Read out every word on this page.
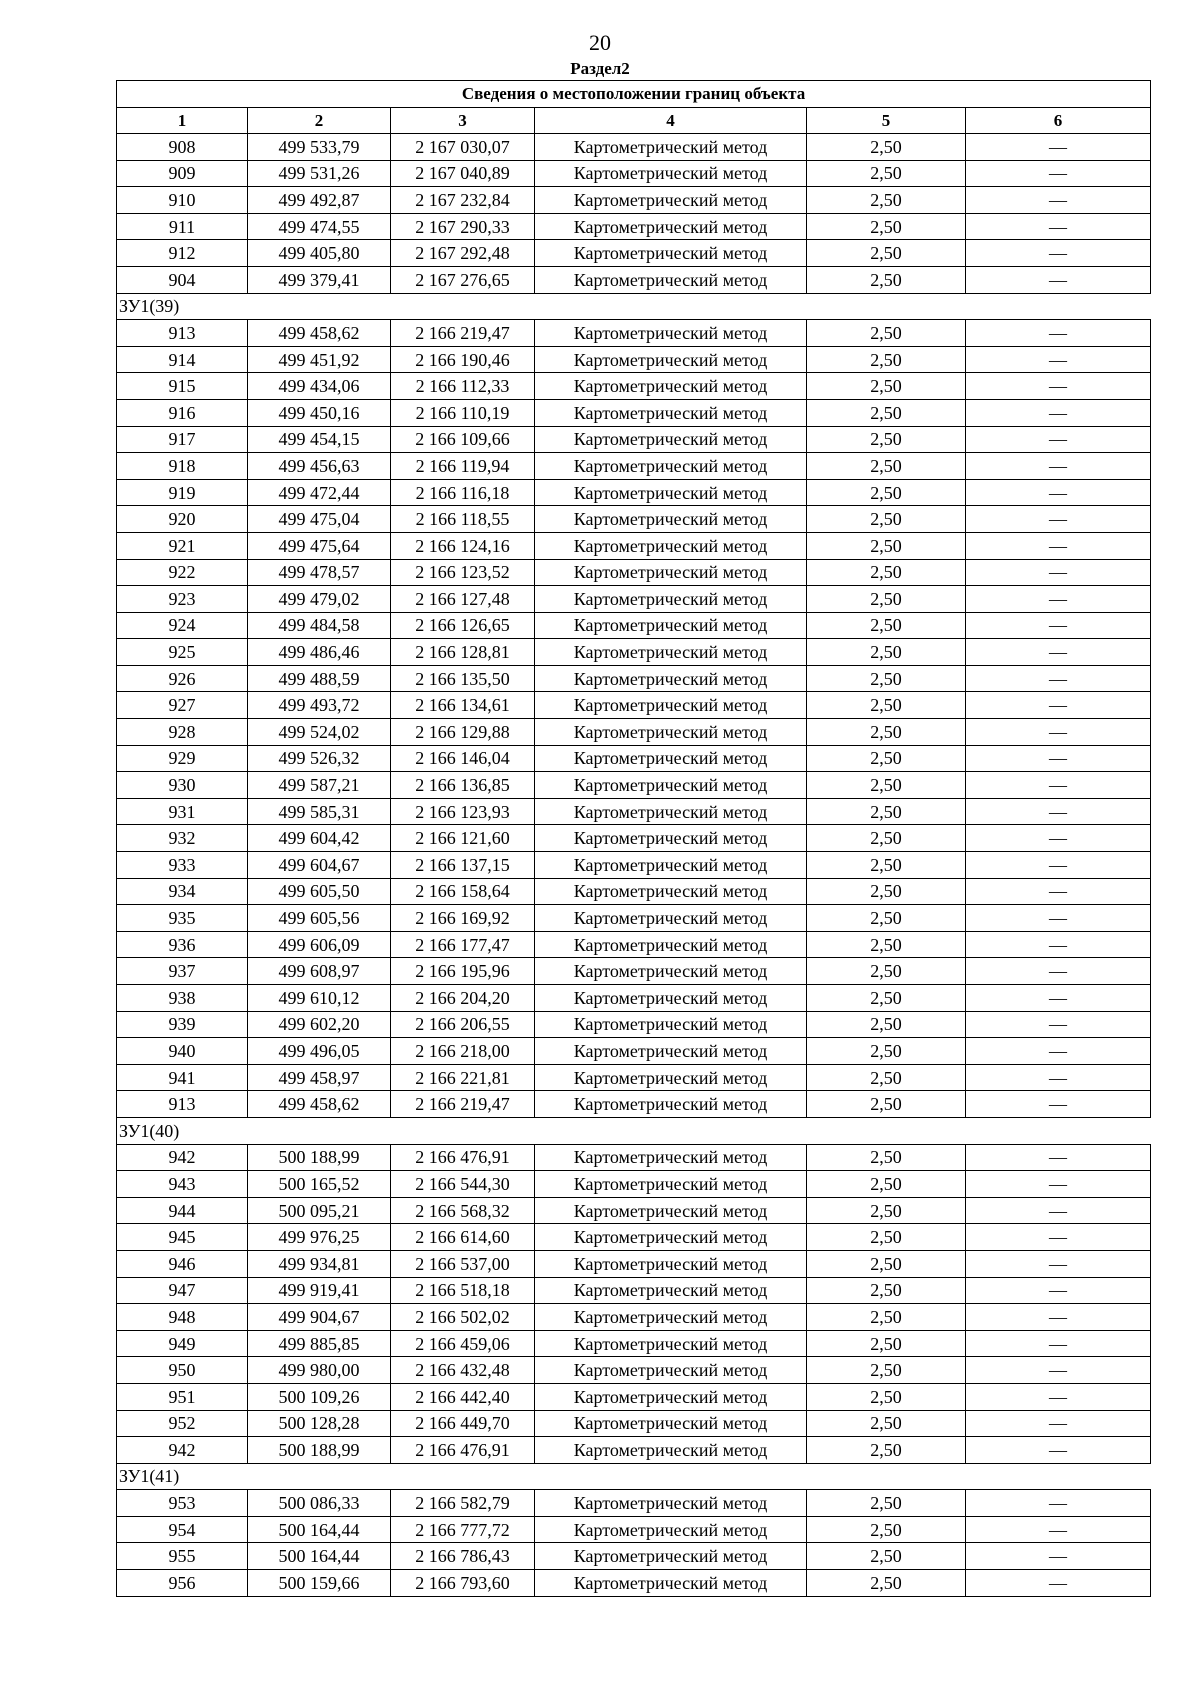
20
Раздел2
Сведения о местоположении границ объекта					
1	2	3	4	5	6
908	499 533,79	2 167 030,07	Картометрический метод	2,50	—
909	499 531,26	2 167 040,89	Картометрический метод	2,50	—
910	499 492,87	2 167 232,84	Картометрический метод	2,50	—
911	499 474,55	2 167 290,33	Картометрический метод	2,50	—
912	499 405,80	2 167 292,48	Картометрический метод	2,50	—
904	499 379,41	2 167 276,65	Картометрический метод	2,50	—
ЗУ1(39)					
913	499 458,62	2 166 219,47	Картометрический метод	2,50	—
914	499 451,92	2 166 190,46	Картометрический метод	2,50	—
915	499 434,06	2 166 112,33	Картометрический метод	2,50	—
916	499 450,16	2 166 110,19	Картометрический метод	2,50	—
917	499 454,15	2 166 109,66	Картометрический метод	2,50	—
918	499 456,63	2 166 119,94	Картометрический метод	2,50	—
919	499 472,44	2 166 116,18	Картометрический метод	2,50	—
920	499 475,04	2 166 118,55	Картометрический метод	2,50	—
921	499 475,64	2 166 124,16	Картометрический метод	2,50	—
922	499 478,57	2 166 123,52	Картометрический метод	2,50	—
923	499 479,02	2 166 127,48	Картометрический метод	2,50	—
924	499 484,58	2 166 126,65	Картометрический метод	2,50	—
925	499 486,46	2 166 128,81	Картометрический метод	2,50	—
926	499 488,59	2 166 135,50	Картометрический метод	2,50	—
927	499 493,72	2 166 134,61	Картометрический метод	2,50	—
928	499 524,02	2 166 129,88	Картометрический метод	2,50	—
929	499 526,32	2 166 146,04	Картометрический метод	2,50	—
930	499 587,21	2 166 136,85	Картометрический метод	2,50	—
931	499 585,31	2 166 123,93	Картометрический метод	2,50	—
932	499 604,42	2 166 121,60	Картометрический метод	2,50	—
933	499 604,67	2 166 137,15	Картометрический метод	2,50	—
934	499 605,50	2 166 158,64	Картометрический метод	2,50	—
935	499 605,56	2 166 169,92	Картометрический метод	2,50	—
936	499 606,09	2 166 177,47	Картометрический метод	2,50	—
937	499 608,97	2 166 195,96	Картометрический метод	2,50	—
938	499 610,12	2 166 204,20	Картометрический метод	2,50	—
939	499 602,20	2 166 206,55	Картометрический метод	2,50	—
940	499 496,05	2 166 218,00	Картометрический метод	2,50	—
941	499 458,97	2 166 221,81	Картометрический метод	2,50	—
913	499 458,62	2 166 219,47	Картометрический метод	2,50	—
ЗУ1(40)					
942	500 188,99	2 166 476,91	Картометрический метод	2,50	—
943	500 165,52	2 166 544,30	Картометрический метод	2,50	—
944	500 095,21	2 166 568,32	Картометрический метод	2,50	—
945	499 976,25	2 166 614,60	Картометрический метод	2,50	—
946	499 934,81	2 166 537,00	Картометрический метод	2,50	—
947	499 919,41	2 166 518,18	Картометрический метод	2,50	—
948	499 904,67	2 166 502,02	Картометрический метод	2,50	—
949	499 885,85	2 166 459,06	Картометрический метод	2,50	—
950	499 980,00	2 166 432,48	Картометрический метод	2,50	—
951	500 109,26	2 166 442,40	Картометрический метод	2,50	—
952	500 128,28	2 166 449,70	Картометрический метод	2,50	—
942	500 188,99	2 166 476,91	Картометрический метод	2,50	—
ЗУ1(41)					
953	500 086,33	2 166 582,79	Картометрический метод	2,50	—
954	500 164,44	2 166 777,72	Картометрический метод	2,50	—
955	500 164,44	2 166 786,43	Картометрический метод	2,50	—
956	500 159,66	2 166 793,60	Картометрический метод	2,50	—
